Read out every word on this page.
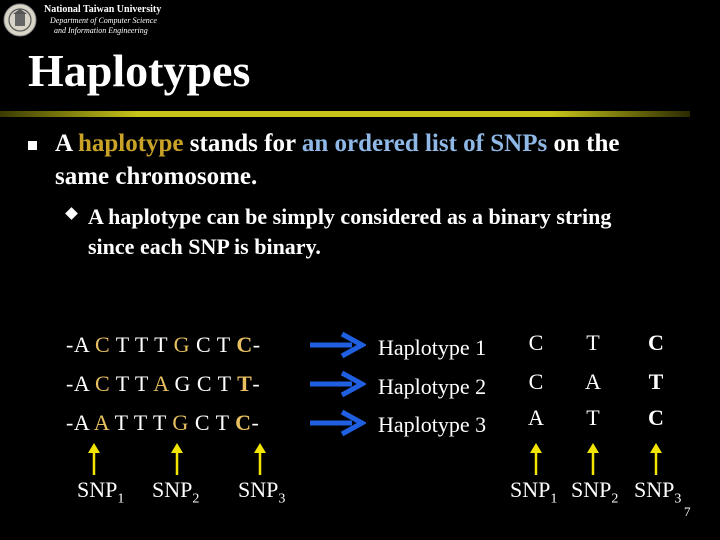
National Taiwan University
Department of Computer Science
and Information Engineering
Haplotypes
A haplotype stands for an ordered list of SNPs on the same chromosome.
A haplotype can be simply considered as a binary string since each SNP is binary.
-A C T T T G C T C-
-A C T T A G C T T-
-A A T T T G C T C-
Haplotype 1
Haplotype 2
Haplotype 3
C T C
C A T
A T C
$SNP_1$ $SNP_2$ $SNP_3$	$SNP_1$ $SNP_2$ $SNP_3$
7
